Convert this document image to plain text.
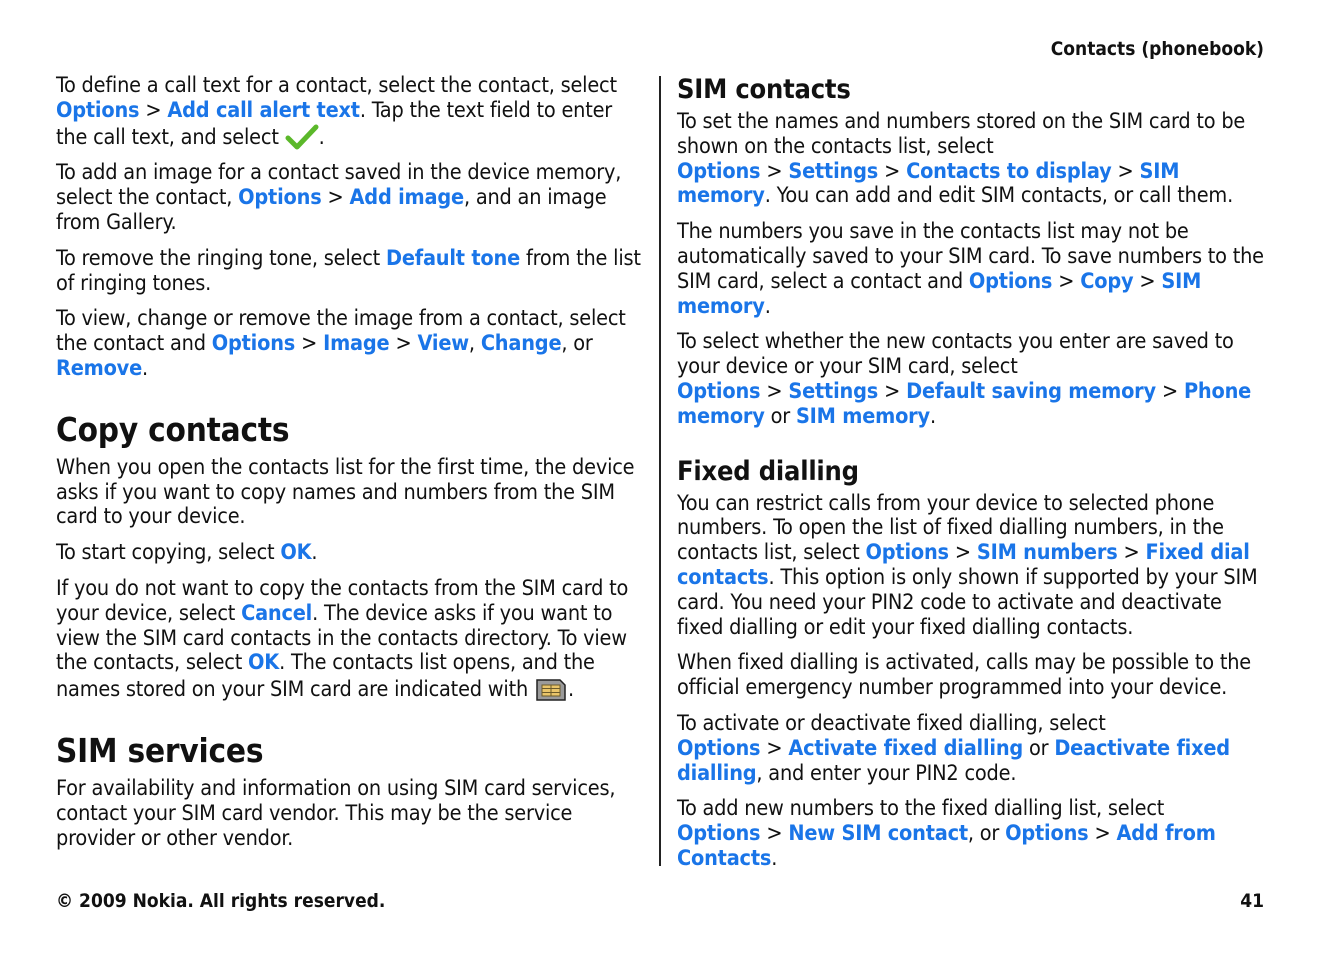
Contacts (phonebook)

To define a call text for a contact, select the contact, select Options > Add call alert text. Tap the text field to enter the call text, and select .

To add an image for a contact saved in the device memory, select the contact, Options > Add image, and an image from Gallery.

To remove the ringing tone, select Default tone from the list of ringing tones.

To view, change or remove the image from a contact, select the contact and Options > Image > View, Change, or Remove.

Copy contacts

When you open the contacts list for the first time, the device asks if you want to copy names and numbers from the SIM card to your device.

To start copying, select OK.

If you do not want to copy the contacts from the SIM card to your device, select Cancel. The device asks if you want to view the SIM card contacts in the contacts directory. To view the contacts, select OK. The contacts list opens, and the names stored on your SIM card are indicated with .

SIM services

For availability and information on using SIM card services, contact your SIM card vendor. This may be the service provider or other vendor.

SIM contacts

To set the names and numbers stored on the SIM card to be shown on the contacts list, select Options > Settings > Contacts to display > SIM memory. You can add and edit SIM contacts, or call them.

The numbers you save in the contacts list may not be automatically saved to your SIM card. To save numbers to the SIM card, select a contact and Options > Copy > SIM memory.

To select whether the new contacts you enter are saved to your device or your SIM card, select Options > Settings > Default saving memory > Phone memory or SIM memory.

Fixed dialling

You can restrict calls from your device to selected phone numbers. To open the list of fixed dialling numbers, in the contacts list, select Options > SIM numbers > Fixed dial contacts. This option is only shown if supported by your SIM card. You need your PIN2 code to activate and deactivate fixed dialling or edit your fixed dialling contacts.

When fixed dialling is activated, calls may be possible to the official emergency number programmed into your device.

To activate or deactivate fixed dialling, select Options > Activate fixed dialling or Deactivate fixed dialling, and enter your PIN2 code.

To add new numbers to the fixed dialling list, select Options > New SIM contact, or Options > Add from Contacts.

© 2009 Nokia. All rights reserved.	41
